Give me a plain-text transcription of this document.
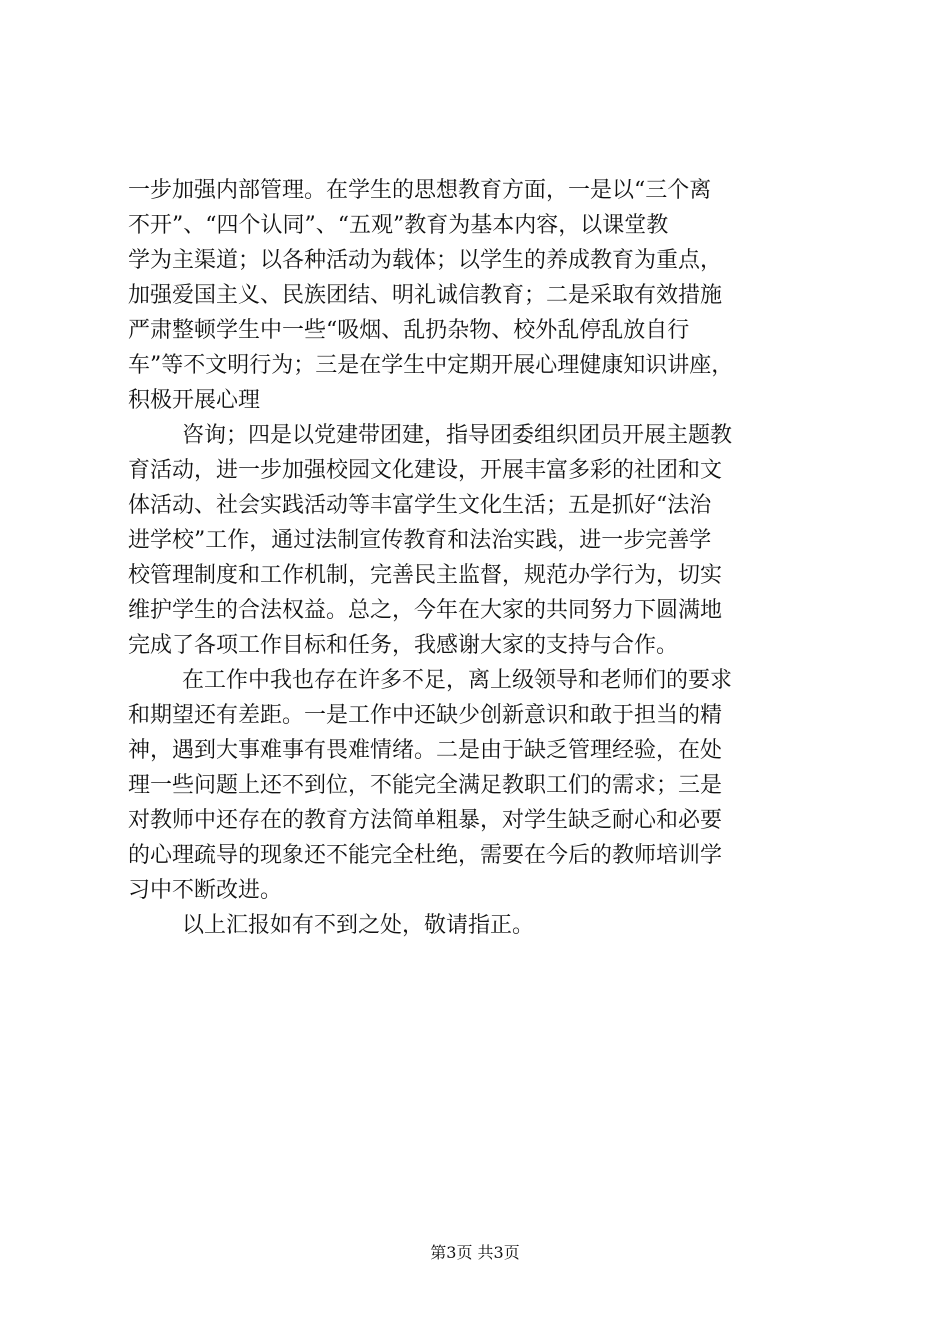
一步加强内部管理。在学生的思想教育方面，一是以“三个离
不开”、“四个认同”、“五观”教育为基本内容，以课堂教
学为主渠道；以各种活动为载体；以学生的养成教育为重点，
加强爱国主义、民族团结、明礼诚信教育；二是采取有效措施
严肃整顿学生中一些“吸烟、乱扔杂物、校外乱停乱放自行
车”等不文明行为；三是在学生中定期开展心理健康知识讲座，
积极开展心理
咨询；四是以党建带团建，指导团委组织团员开展主题教
育活动，进一步加强校园文化建设，开展丰富多彩的社团和文
体活动、社会实践活动等丰富学生文化生活；五是抓好“法治
进学校”工作，通过法制宣传教育和法治实践，进一步完善学
校管理制度和工作机制，完善民主监督，规范办学行为，切实
维护学生的合法权益。总之，今年在大家的共同努力下圆满地
完成了各项工作目标和任务，我感谢大家的支持与合作。
在工作中我也存在许多不足，离上级领导和老师们的要求
和期望还有差距。一是工作中还缺少创新意识和敢于担当的精
神，遇到大事难事有畏难情绪。二是由于缺乏管理经验，在处
理一些问题上还不到位，不能完全满足教职工们的需求；三是
对教师中还存在的教育方法简单粗暴，对学生缺乏耐心和必要
的心理疏导的现象还不能完全杜绝，需要在今后的教师培训学
习中不断改进。
以上汇报如有不到之处，敬请指正。
第3页 共3页
